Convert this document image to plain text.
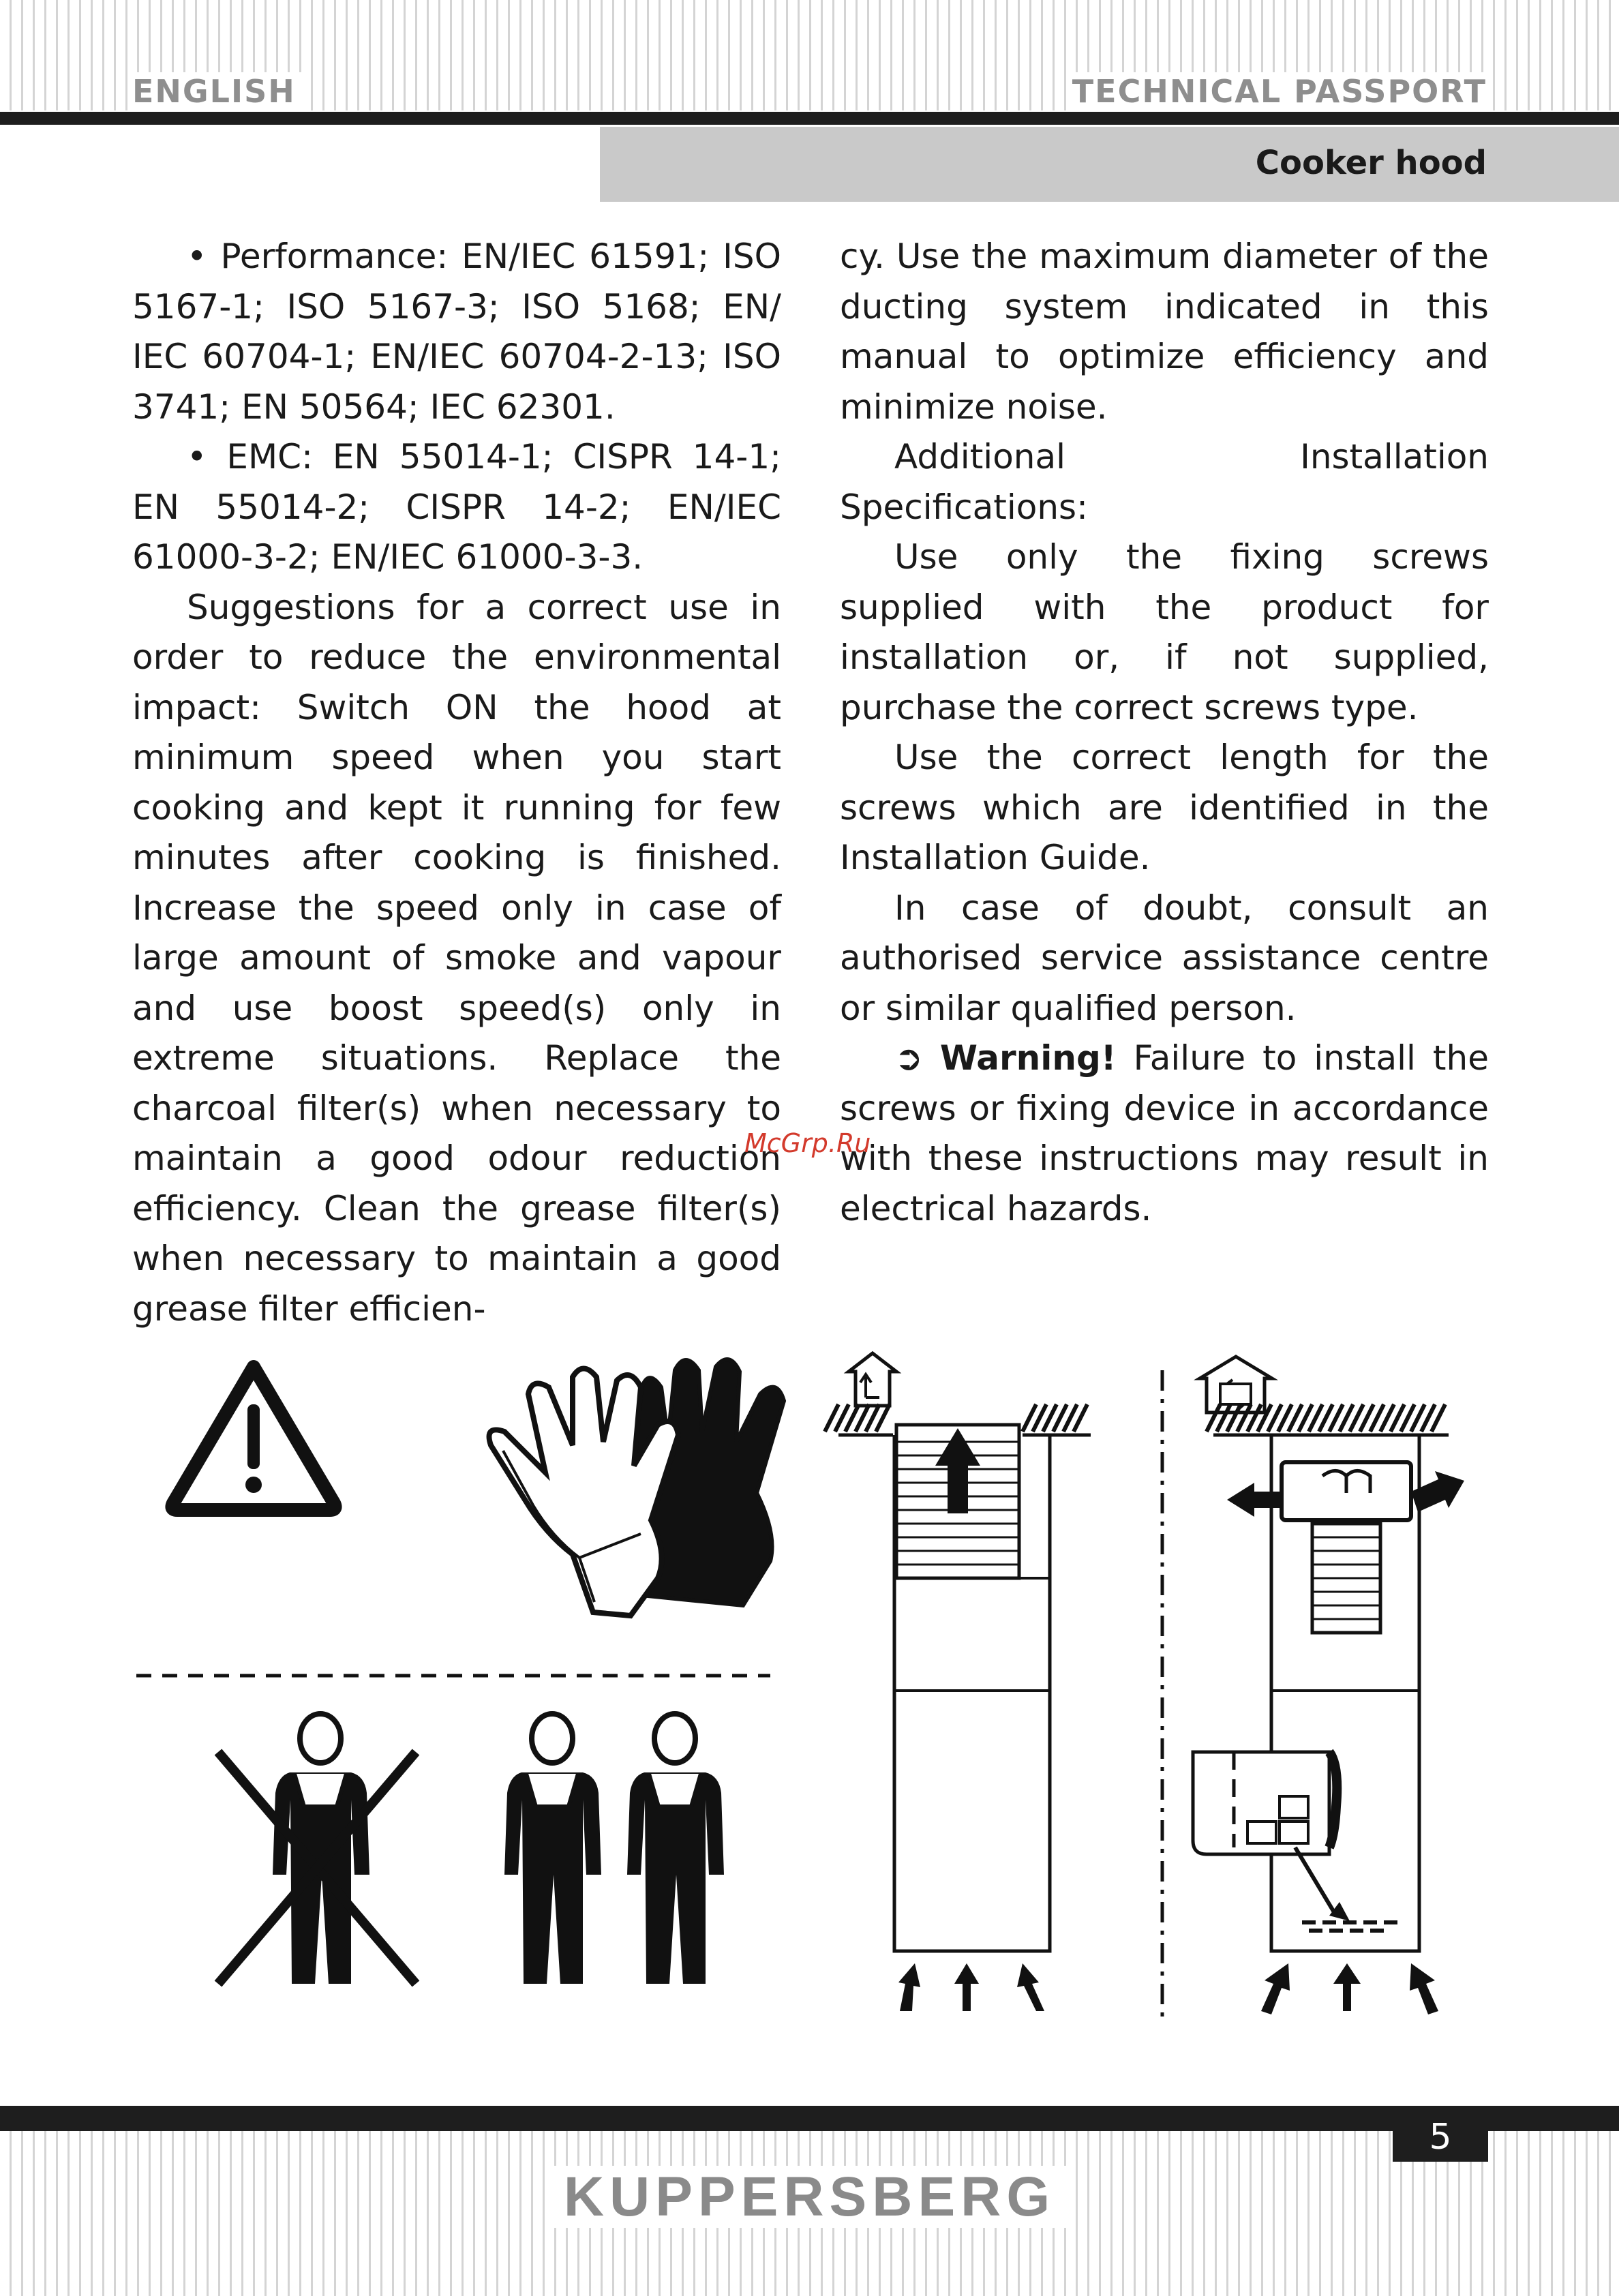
ENGLISH	TECHNICAL PASSPORT
Cooker hood

• Performance: EN/IEC 61591; ISO 5167-1; ISO 5167-3; ISO 5168; EN/ IEC 60704-1; EN/IEC 60704-2-13; ISO 3741; EN 50564; IEC 62301.

• EMC: EN 55014-1; CISPR 14-1; EN 55014-2; CISPR 14-2; EN/IEC 61000-3-2; EN/IEC 61000-3-3.

Suggestions for a correct use in order to reduce the environmental impact: Switch ON the hood at minimum speed when you start cooking and kept it running for few minutes after cooking is finished. Increase the speed only in case of large amount of smoke and vapour and use boost speed(s) only in extreme situations. Replace the charcoal filter(s) when necessary to maintain a good odour reduction efficiency. Clean the grease filter(s) when necessary to maintain a good grease filter efficien-

cy. Use the maximum diameter of the ducting system indicated in this manual to optimize efficiency and minimize noise.

Additional Installation Specifications:

Use only the fixing screws supplied with the product for installation or, if not supplied, purchase the correct screws type.

Use the correct length for the screws which are identified in the Installation Guide.

In case of doubt, consult an authorised service assistance centre or similar qualified person.

➲ Warning! Failure to install the screws or fixing device in accordance with these instructions may result in electrical hazards.

McGrp.Ru
5
KUPPERSBERG
